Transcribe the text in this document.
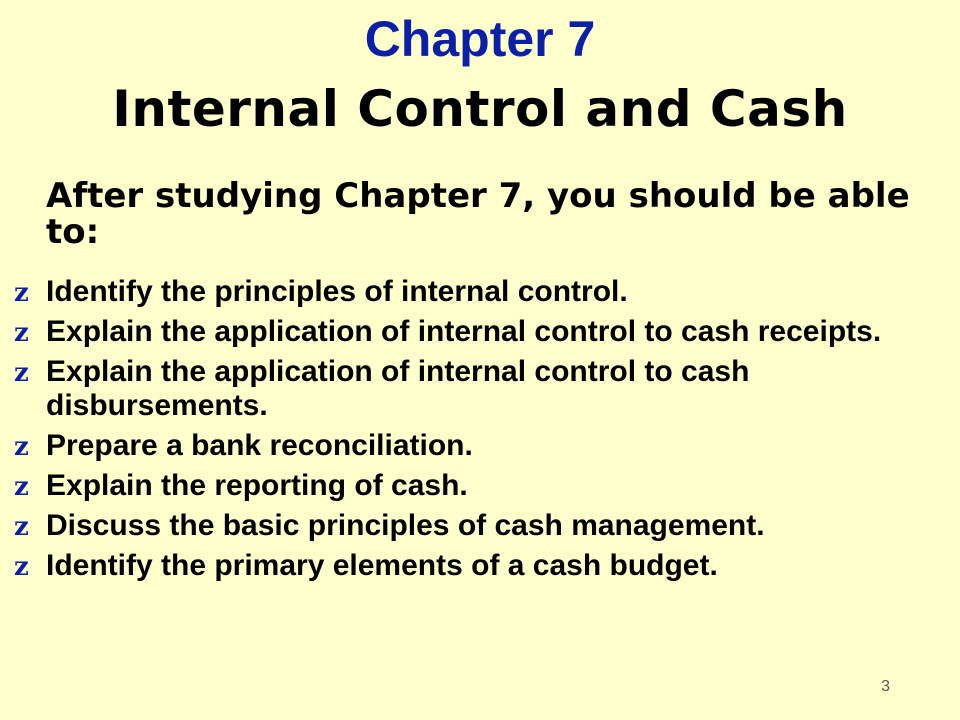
Chapter 7
Internal Control and Cash
After studying Chapter 7, you should be able to:
z Identify the principles of internal control.
z Explain the application of internal control to cash receipts.
z Explain the application of internal control to cash disbursements.
z Prepare a bank reconciliation.
z Explain the reporting of cash.
z Discuss the basic principles of cash management.
z Identify the primary elements of a cash budget.
3
